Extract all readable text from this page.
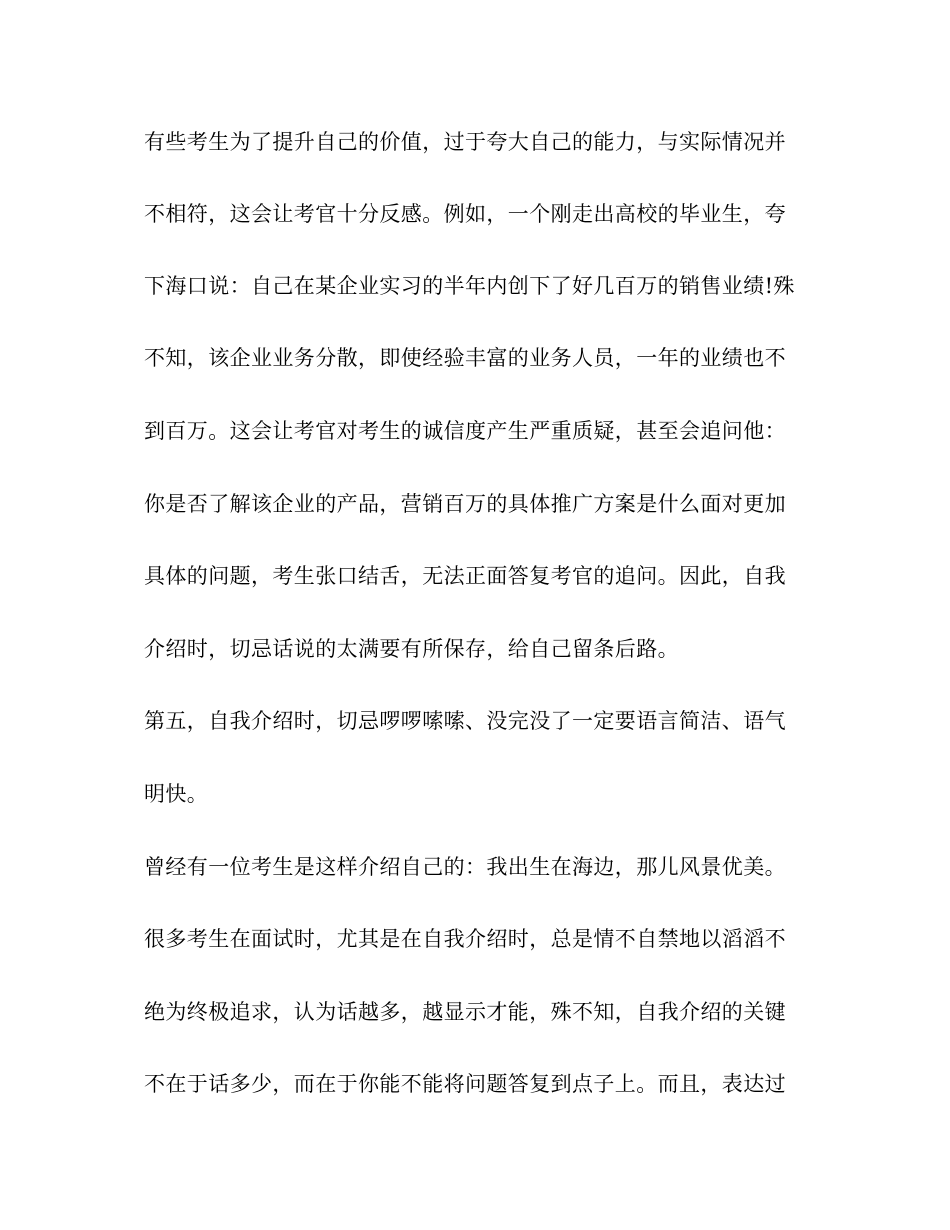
有些考生为了提升自己的价值，过于夸大自己的能力，与实际情况并
不相符，这会让考官十分反感。例如，一个刚走出高校的毕业生，夸
下海口说：自己在某企业实习的半年内创下了好几百万的销售业绩!殊
不知，该企业业务分散，即使经验丰富的业务人员，一年的业绩也不
到百万。这会让考官对考生的诚信度产生严重质疑，甚至会追问他：
你是否了解该企业的产品，营销百万的具体推广方案是什么面对更加
具体的问题，考生张口结舌，无法正面答复考官的追问。因此，自我
介绍时，切忌话说的太满要有所保存，给自己留条后路。
第五，自我介绍时，切忌啰啰嗦嗦、没完没了一定要语言简洁、语气
明快。
曾经有一位考生是这样介绍自己的：我出生在海边，那儿风景优美。
很多考生在面试时，尤其是在自我介绍时，总是情不自禁地以滔滔不
绝为终极追求，认为话越多，越显示才能，殊不知，自我介绍的关键
不在于话多少，而在于你能不能将问题答复到点子上。而且，表达过
